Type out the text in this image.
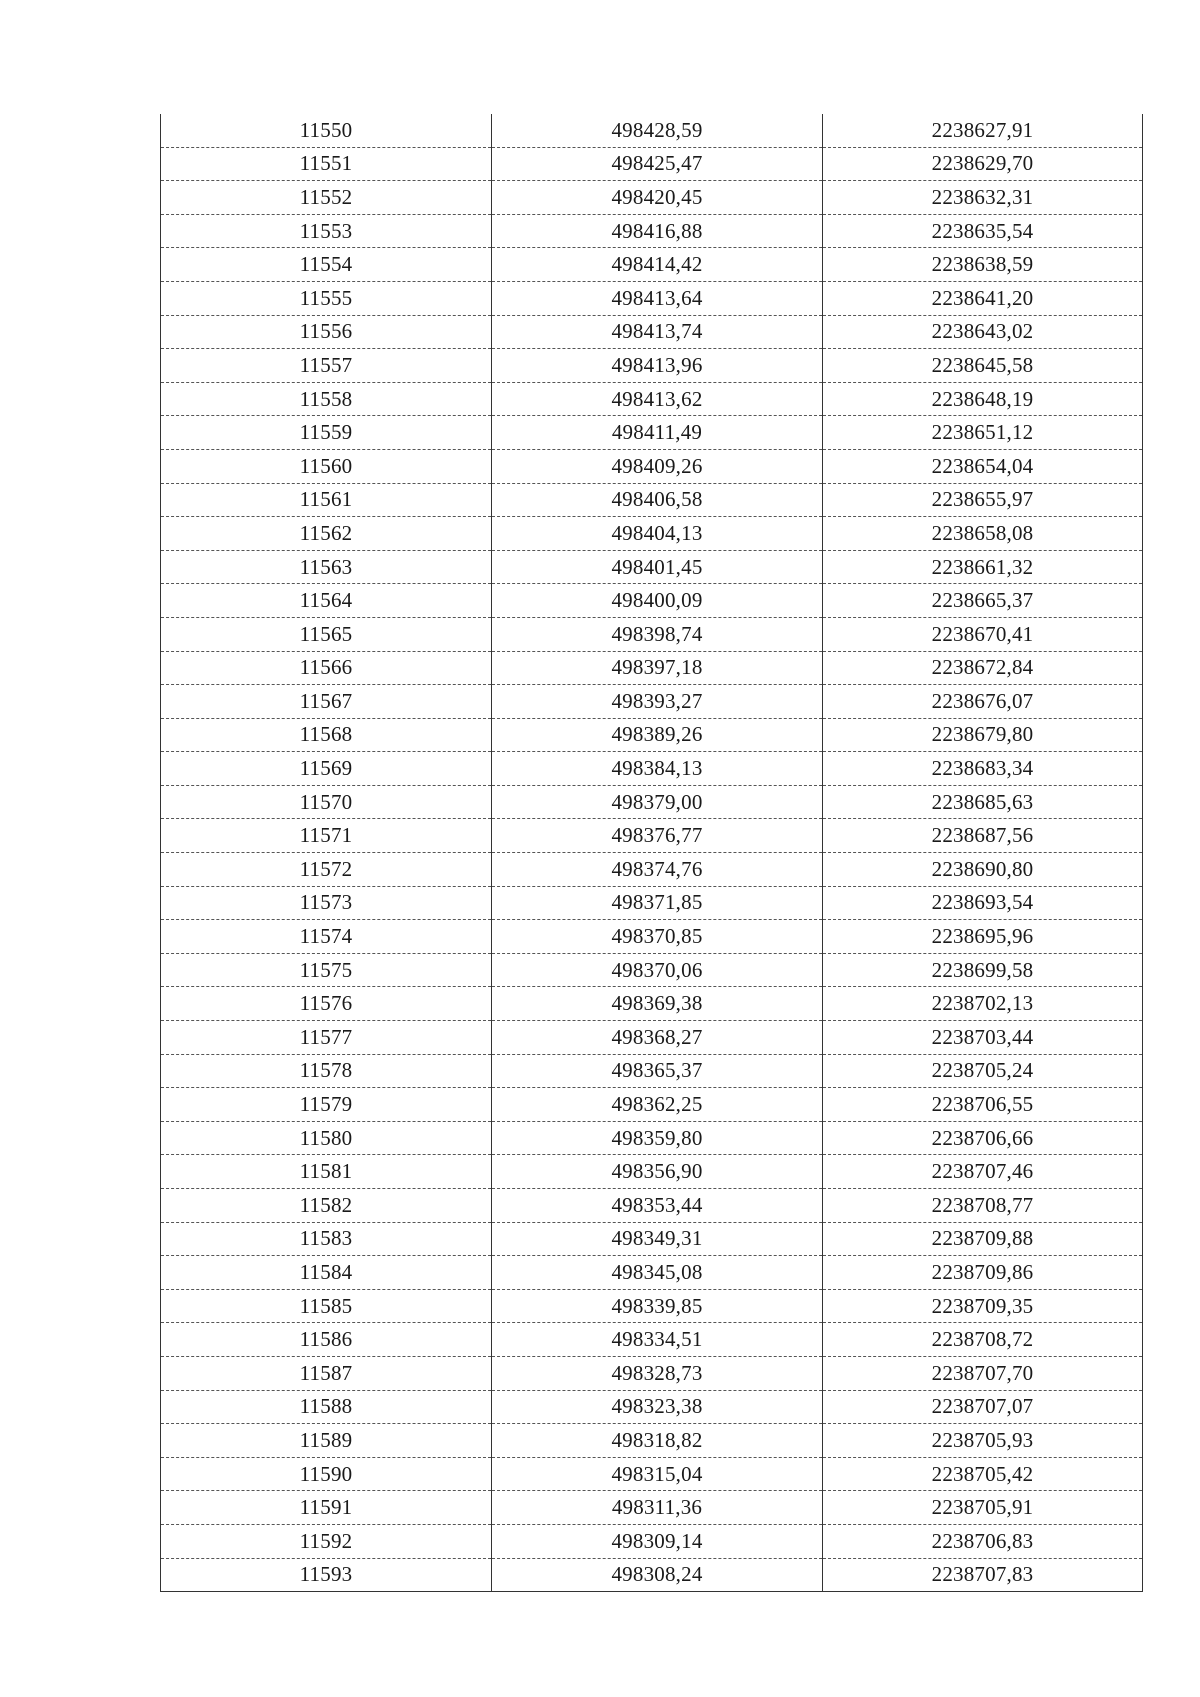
11550	498428,59	2238627,91
11551	498425,47	2238629,70
11552	498420,45	2238632,31
11553	498416,88	2238635,54
11554	498414,42	2238638,59
11555	498413,64	2238641,20
11556	498413,74	2238643,02
11557	498413,96	2238645,58
11558	498413,62	2238648,19
11559	498411,49	2238651,12
11560	498409,26	2238654,04
11561	498406,58	2238655,97
11562	498404,13	2238658,08
11563	498401,45	2238661,32
11564	498400,09	2238665,37
11565	498398,74	2238670,41
11566	498397,18	2238672,84
11567	498393,27	2238676,07
11568	498389,26	2238679,80
11569	498384,13	2238683,34
11570	498379,00	2238685,63
11571	498376,77	2238687,56
11572	498374,76	2238690,80
11573	498371,85	2238693,54
11574	498370,85	2238695,96
11575	498370,06	2238699,58
11576	498369,38	2238702,13
11577	498368,27	2238703,44
11578	498365,37	2238705,24
11579	498362,25	2238706,55
11580	498359,80	2238706,66
11581	498356,90	2238707,46
11582	498353,44	2238708,77
11583	498349,31	2238709,88
11584	498345,08	2238709,86
11585	498339,85	2238709,35
11586	498334,51	2238708,72
11587	498328,73	2238707,70
11588	498323,38	2238707,07
11589	498318,82	2238705,93
11590	498315,04	2238705,42
11591	498311,36	2238705,91
11592	498309,14	2238706,83
11593	498308,24	2238707,83
